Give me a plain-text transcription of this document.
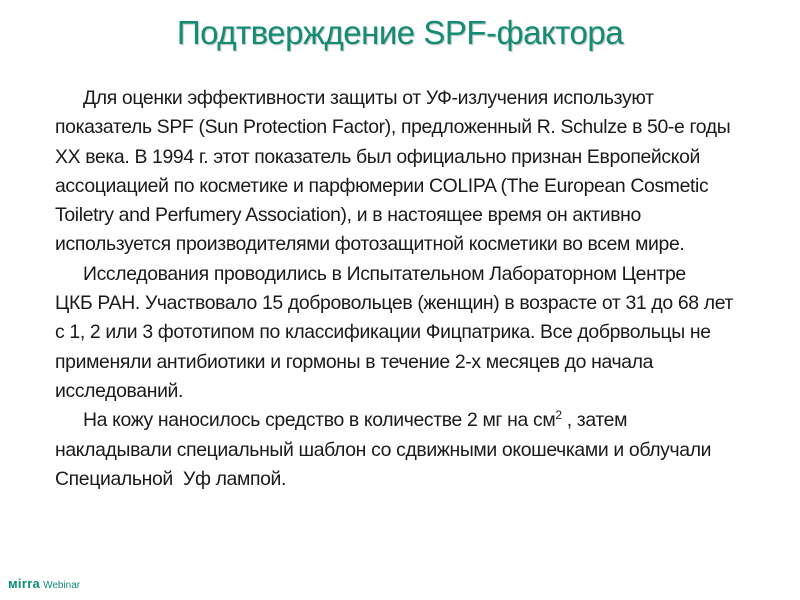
Подтверждение SPF-фактора

Для оценки эффективности защиты от УФ-излучения используют
показатель SPF (Sun Protection Factor), предложенный R. Schulze в 50-е годы
XX века. В 1994 г. этот показатель был официально признан Европейской
ассоциацией по косметике и парфюмерии COLIPA (The European Cosmetic
Toiletry and Perfumery Association), и в настоящее время он активно
используется производителями фотозащитной косметики во всем мире.

Исследования проводились в Испытательном Лабораторном Центре
ЦКБ РАН. Участвовало 15 добровольцев (женщин) в возрасте от 31 до 68 лет
с 1, 2 или 3 фототипом по классификации Фицпатрика. Все добрвольцы не
применяли антибиотики и гормоны в течение 2-х месяцев до начала
исследований.

На кожу наносилось средство в количестве 2 мг на $см^2$ , затем
накладывали специальный шаблон со сдвижными окошечками и облучали
Специальной  Уф лампой.

мirra Webinar
